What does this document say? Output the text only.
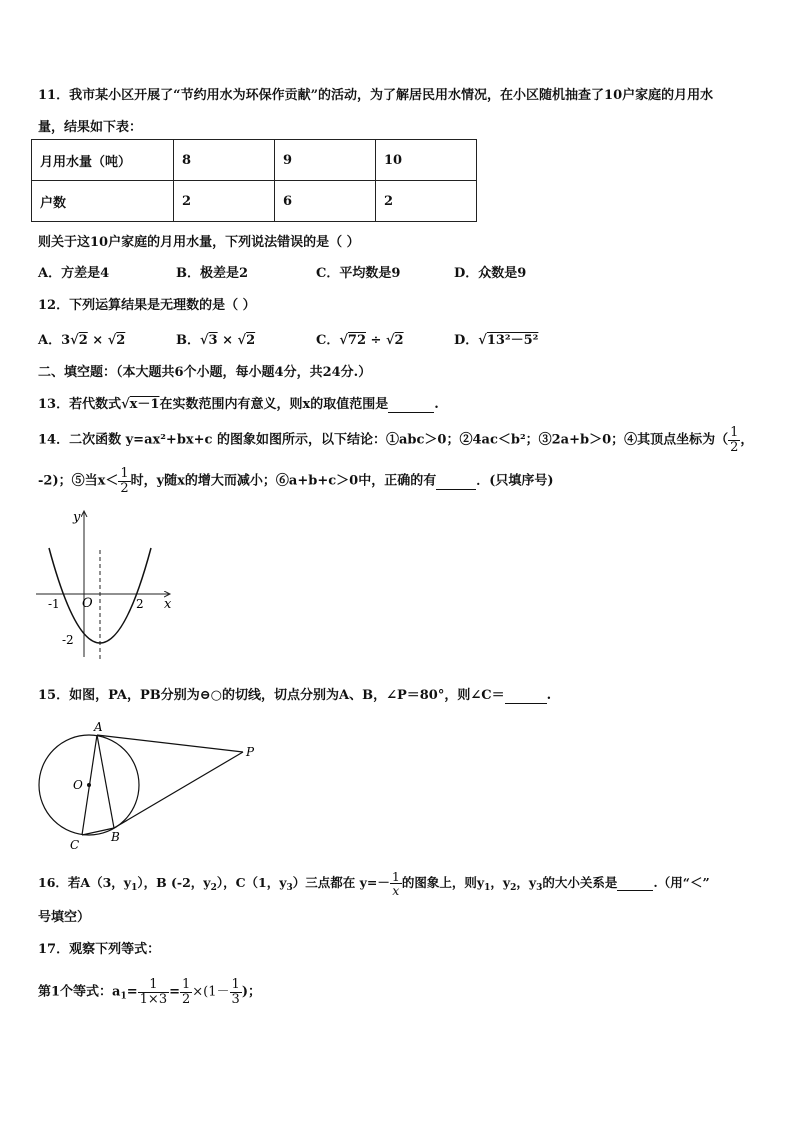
11．我市某小区开展了“节约用水为环保作贡献”的活动，为了解居民用水情况，在小区随机抽查了10户家庭的月用水
量，结果如下表：
月用水量（吨）	8	9	10
户数	2	6	2
则关于这10户家庭的月用水量，下列说法错误的是（ ）
A．方差是4	B．极差是2	C．平均数是9	D．众数是9
12．下列运算结果是无理数的是（ ）
A．3√2 × √2	B．√3 × √2	C．√72 ÷ √2	D．√13²－5²
二、填空题：（本大题共6个小题，每小题4分，共24分.）
13．若代数式√x－1在实数范围内有意义，则x的取值范围是	.
14．二次函数 y=ax²+bx+c 的图象如图所示，以下结论：①abc＞0；②4ac＜b²；③2a+b＞0；④其顶点坐标为（ $\frac{1}{2}$ ，
-2)；⑤当$x< \frac{1}{2}$ 时，y随x的增大而减小；⑥a+b+c＞0中，正确的有	．(只填序号)
y
x
O
-1	2
-2
15．如图，PA，PB分别为⊖○的切线，切点分别为A、B，∠P＝80°，则∠C＝	.
A
B
C
O
P
16．若A（3，$y_1$），B (-2，$y_2$），C（1，$y_3$）三点都在 $y=- \frac{1}{x}$ 的图象上，则$y_1$，$y_2$，$y_3$的大小关系是	.（用“＜”
号填空）
17．观察下列等式：
第1个等式：$a_1= \frac{1}{1\times 3} = \frac{1}{2} \times(1- \frac{1}{3}$ )；
